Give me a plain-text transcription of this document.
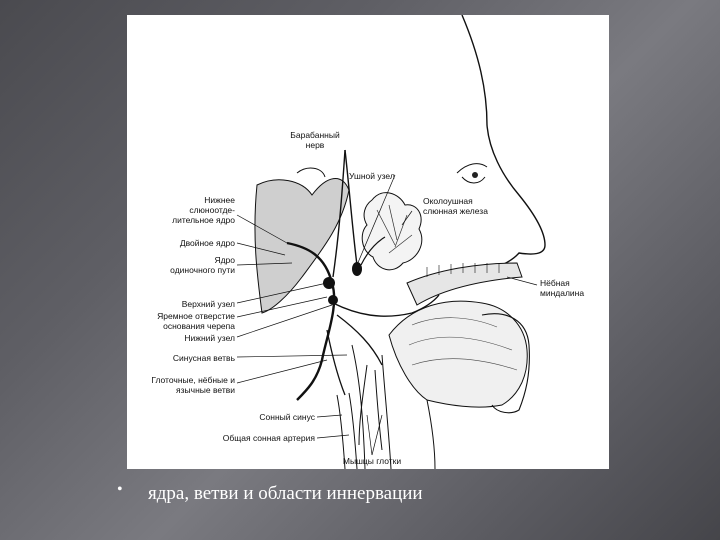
Барабанный
нерв
Ушной узел
Нижнее
слюноотде-
лительное ядро
Околоушная
слюнная железа
Двойное ядро
Ядро
одиночного пути
Нёбная
миндалина
Верхний узел
Яремное отверстие
основания черепа
Нижний узел
Синусная ветвь
Глоточные, нёбные и
язычные ветви
Сонный синус
Общая сонная артерия
Мышцы глотки
• ядра, ветви и области иннервации
